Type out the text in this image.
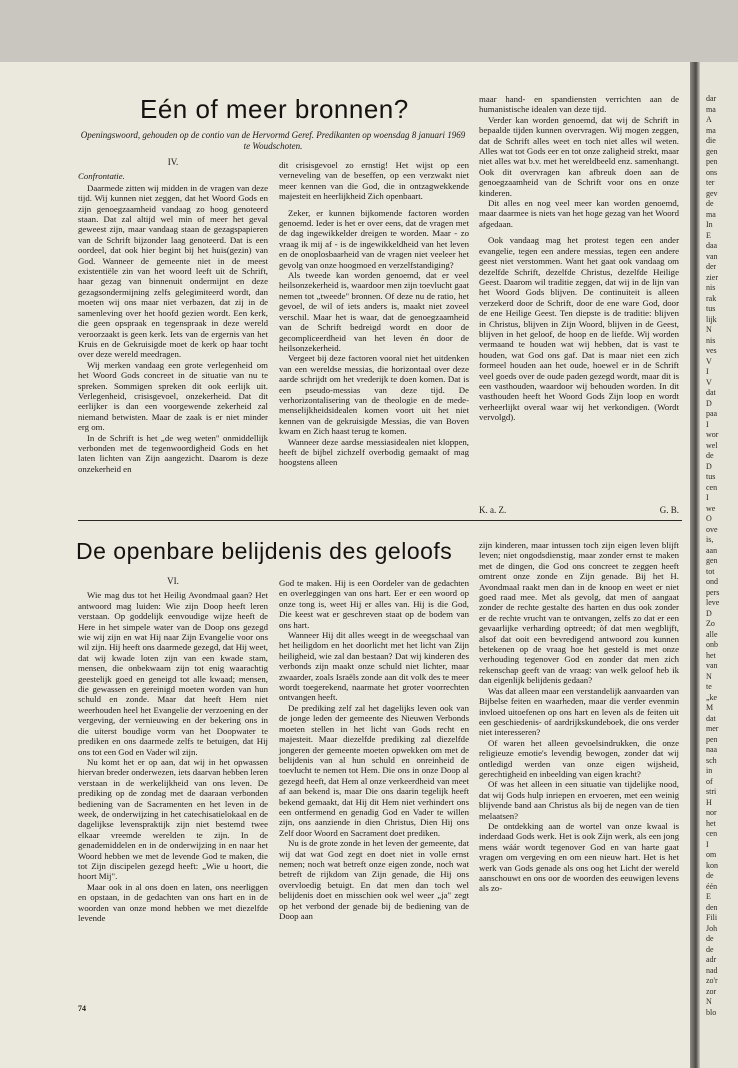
dar
ma
A
ma
die
gen
pen
ons
ter
gev
de
ma
In
E
daa
van
der
zier
nis
rak
tus
lijk
N
nis
ves
V
I
V
dat
D
paa
I
wor
wel
de
D
tus
cen
I
we
O
ove
is,
aan
gen
tot
ond
pers
leve
D
Zo
alle
onb
het
van
N
te
„ke
M
dat
mer
pen
naa
sch
in
of
stri
H
nor
het
cen
I
om
kon
de
één
E
den
Fili
Joh
de
de
adr
nad
zo'r
zor
N
blo
Eén of meer bronnen?
Openingswoord, gehouden op de contio van de Hervormd Geref. Predikanten op woensdag 8 januari 1969 te Woudschoten.
IV.
Confrontatie.

Daarmede zitten wij midden in de vragen van deze tijd. Wij kunnen niet zeggen, dat het Woord Gods en zijn genoegzaamheid vandaag zo hoog genoteerd staan. Dat zal altijd wel min of meer het geval geweest zijn, maar vandaag staan de gezagspapieren van de Schrift bijzonder laag genoteerd. Dat is een oordeel, dat ook hier begint bij het huis(gezin) van God. Wanneer de gemeente niet in de meest existentiële zin van het woord leeft uit de Schrift, haar gezag van binnenuit ondermijnt en deze gezagsondermijning zelfs gelegimiteerd wordt, dan moeten wij ons maar niet verbazen, dat zij in de samenleving over het hoofd gezien wordt. Een kerk, die geen opspraak en tegenspraak in deze wereld veroorzaakt is geen kerk. Iets van de ergernis van het Kruis en de Gekruisigde moet de kerk op haar tocht over deze wereld meedragen.

Wij merken vandaag een grote verlegenheid om het Woord Gods concreet in de situatie van nu te spreken. Sommigen spreken dit ook eerlijk uit. Verlegenheid, crisisgevoel, onzekerheid. Dat dit eerlijker is dan een voorgewende zekerheid zal niemand betwisten. Maar de zaak is er niet minder erg om.

In de Schrift is het „de weg weten" onmiddellijk verbonden met de tegenwoordigheid Gods en het laten lichten van Zijn aangezicht. Daarom is deze onzekerheid en

dit crisisgevoel zo ernstig! Het wijst op een verneveling van de beseffen, op een verzwakt niet meer kennen van die God, die in ontzagwekkende majesteit en heerlijkheid Zich openbaart.

Zeker, er kunnen bijkomende factoren worden genoemd. Ieder is het er over eens, dat de vragen met de dag ingewikkelder dreigen te worden. Maar - zo vraag ik mij af - is de ingewikkeldheid van het leven en de onoplosbaarheid van de vragen niet veeleer het gevolg van onze hoogmoed en verzelfstandiging?

Als tweede kan worden genoemd, dat er veel heilsonzekerheid is, waardoor men zijn toevlucht gaat nemen tot „tweede" bronnen. Of deze nu de ratio, het gevoel, de wil of iets anders is, maakt niet zoveel verschil. Maar het is waar, dat de genoegzaamheid van de Schrift bedreigd wordt en door de gecompliceerdheid van het leven én door de heilsonzekerheid.

Vergeet bij deze factoren vooral niet het uitdenken van een wereldse messias, die horizontaal over deze aarde schrijdt om het vrederijk te doen komen. Dat is een pseudo-messias van deze tijd. De verhorizontalisering van de theologie en de mede-menselijkheidsidealen komen voort uit het niet kennen van de gekruisigde Messias, die van Boven kwam en Zich haast terug te komen.

Wanneer deze aardse messiasidealen niet kloppen, heeft de bijbel zichzelf overbodig gemaakt of mag hoogstens alleen

maar hand- en spandiensten verrichten aan de humanistische idealen van deze tijd.

Verder kan worden genoemd, dat wij de Schrift in bepaalde tijden kunnen overvragen. Wij mogen zeggen, dat de Schrift alles weet en toch niet alles wil weten. Alles wat tot Gods eer en tot onze zaligheid strekt, maar niet alles wat b.v. met het wereldbeeld enz. samenhangt. Ook dit overvragen kan afbreuk doen aan de genoegzaamheid van de Schrift voor ons en onze kinderen.

Dit alles en nog veel meer kan worden genoemd, maar daarmee is niets van het hoge gezag van het Woord afgedaan.

Ook vandaag mag het protest tegen een ander evangelie, tegen een andere messias, tegen een andere geest niet verstommen. Want het gaat ook vandaag om dezelfde Schrift, dezelfde Christus, dezelfde Heilige Geest. Daarom wil traditie zeggen, dat wij in de lijn van het Woord Gods blijven. De continuiteit is alleen verzekerd door de Schrift, door de ene ware God, door de ene Heilige Geest. Ten diepste is de traditie: blijven in Christus, blijven in Zijn Woord, blijven in de Geest, blijven in het geloof, de hoop en de liefde. Wij worden vermaand te houden wat wij hebben, dat is vast te houden, wat God ons gaf. Dat is maar niet een zich formeel houden aan het oude, hoewel er in de Schrift veel goeds over de oude paden gezegd wordt, maar dit is een vasthouden, waardoor wij behouden worden. In dit vasthouden heeft het Woord Gods Zijn loop en wordt verheerlijkt overal waar wij het verkondigen. (Wordt vervolgd).

K. a. Z.	G. B.
De openbare belijdenis des geloofs
VI.

Wie mag dus tot het Heilig Avondmaal gaan? Het antwoord mag luiden: Wie zijn Doop heeft leren verstaan. Op goddelijk eenvoudige wijze heeft de Here in het simpele water van de Doop ons gezegd wie wij zijn en wat Hij naar Zijn Evangelie voor ons wil zijn. Hij heeft ons daarmede gezegd, dat Hij weet, dat wij kwade loten zijn van een kwade stam, mensen, die onbekwaam zijn tot enig waarachtig geestelijk goed en geneigd tot alle kwaad; mensen, die gewassen en gereinigd moeten worden van hun schuld en zonde. Maar dat heeft Hem niet weerhouden heel het Evangelie der verzoening en der vergeving, der vernieuwing en der bekering ons in die uiterst boudige vorm van het Doopwater te prediken en ons daarmede zelfs te betuigen, dat Hij ons tot een God en Vader wil zijn.

Nu komt het er op aan, dat wij in het opwassen hiervan breder onderwezen, iets daarvan hebben leren verstaan in de werkelijkheid van ons leven. De prediking op de zondag met de daaraan verbonden bediening van de Sacramenten en het leven in de week, de onderwijzing in het catechisatielokaal en de dagelijkse levenspraktijk zijn niet bestemd twee elkaar vreemde werelden te zijn. In de genademiddelen en in de onderwijzing in en naar het Woord hebben we met de levende God te maken, die tot Zijn discipelen gezegd heeft: „Wie u hoort, die hoort Mij".

Maar ook in al ons doen en laten, ons neerliggen en opstaan, in de gedachten van ons hart en in de woorden van onze mond hebben we met diezelfde levende

God te maken. Hij is een Oordeler van de gedachten en overleggingen van ons hart. Eer er een woord op onze tong is, weet Hij er alles van. Hij is die God, Die keest wat er geschreven staat op de bodem van ons hart.

Wanneer Hij dit alles weegt in de weegschaal van het heiligdom en het doorlicht met het licht van Zijn heiligheid, wie zal dan bestaan? Dat wij kinderen des verbonds zijn maakt onze schuld niet lichter, maar zwaarder, zoals Israëls zonde aan dit volk des te meer wordt toegerekend, naarmate het groter voorrechten ontvangen heeft.

De prediking zelf zal het dagelijks leven ook van de jonge leden der gemeente des Nieuwen Verbonds moeten stellen in het licht van Gods recht en majesteit. Maar diezelfde prediking zal diezelfde jongeren der gemeente moeten opwekken om met de belijdenis van al hun schuld en onreinheid de toevlucht te nemen tot Hem. Die ons in onze Doop al gezegd heeft, dat Hem al onze verkeerdheid van meet af aan bekend is, maar Die ons daarin tegelijk heeft bekend gemaakt, dat Hij dit Hem niet verhindert ons een ontfermend en genadig God en Vader te willen zijn, ons aanziende in dien Christus, Dien Hij ons Zelf door Woord en Sacrament doet prediken.

Nu is de grote zonde in het leven der gemeente, dat wij dat wat God zegt en doet niet in volle ernst nemen; noch wat betreft onze eigen zonde, noch wat betreft de rijkdom van Zijn genade, die Hij ons overvloedig betuigt. En dat men dan toch wel belijdenis doet en misschien ook wel weer „ja" zegt op het verbond der genade bij de bediening van de Doop aan

zijn kinderen, maar intussen toch zijn eigen leven blijft leven; niet ongodsdienstig, maar zonder ernst te maken met de dingen, die God ons concreet te zeggen heeft omtrent onze zonde en Zijn genade. Bij het H. Avondmaal raakt men dan in de knoop en weet er niet goed raad mee. Met als gevolg, dat men of aangaat zonder de rechte gestalte des harten en dus ook zonder er de rechte vrucht van te ontvangen, zelfs zo dat er een gevaarlijke verharding optreedt; òf dat men wegblijft, alsof dat ooit een bevredigend antwoord zou kunnen betekenen op de vraag hoe het gesteld is met onze verhouding tegenover God en zonder dat men zich rekenschap geeft van de vraag: van welk geloof heb ik dan eigenlijk belijdenis gedaan?

Was dat alleen maar een verstandelijk aanvaarden van Bijbelse feiten en waarheden, maar die verder evenmin invloed uitoefenen op ons hart en leven als de feiten uit een geschiedenis- of aardrijkskundeboek, die ons verder niet interesseren?

Of waren het alleen gevoelsindrukken, die onze religieuze emotie's levendig bewogen, zonder dat wij ontledigd werden van onze eigen wijsheid, gerechtigheid en inbeelding van eigen kracht?

Of was het alleen in een situatie van tijdelijke nood, dat wij Gods hulp inriepen en ervoeren, met een weinig blijvende band aan Christus als bij de negen van de tien melaatsen?

De ontdekking aan de wortel van onze kwaal is inderdaad Gods werk. Het is ook Zijn werk, als een jong mens wáár wordt tegenover God en van harte gaat vragen om vergeving en om een nieuw hart. Het is het werk van Gods genade als ons oog het Licht der wereld aanschouwt en ons oor de woorden des eeuwigen levens als zo-

74
